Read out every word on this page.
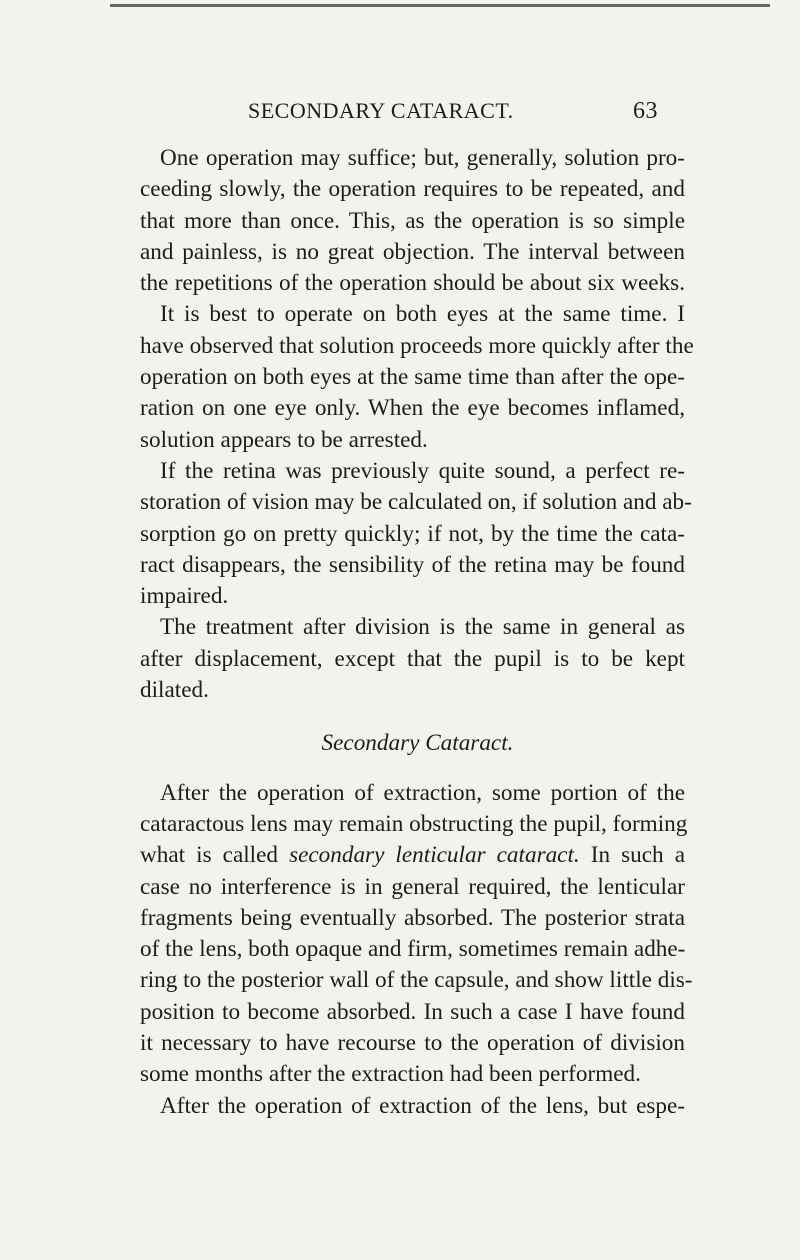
SECONDARY CATARACT.	63
One operation may suffice; but, generally, solution pro-
ceeding slowly, the operation requires to be repeated, and
that more than once. This, as the operation is so simple
and painless, is no great objection. The interval between
the repetitions of the operation should be about six weeks.
It is best to operate on both eyes at the same time. I
have observed that solution proceeds more quickly after the
operation on both eyes at the same time than after the ope-
ration on one eye only. When the eye becomes inflamed,
solution appears to be arrested.
If the retina was previously quite sound, a perfect re-
storation of vision may be calculated on, if solution and ab-
sorption go on pretty quickly; if not, by the time the cata-
ract disappears, the sensibility of the retina may be found
impaired.
The treatment after division is the same in general as
after displacement, except that the pupil is to be kept
dilated.
Secondary Cataract.
After the operation of extraction, some portion of the
cataractous lens may remain obstructing the pupil, forming
what is called secondary lenticular cataract. In such a
case no interference is in general required, the lenticular
fragments being eventually absorbed. The posterior strata
of the lens, both opaque and firm, sometimes remain adhe-
ring to the posterior wall of the capsule, and show little dis-
position to become absorbed. In such a case I have found
it necessary to have recourse to the operation of division
some months after the extraction had been performed.
After the operation of extraction of the lens, but espe-
